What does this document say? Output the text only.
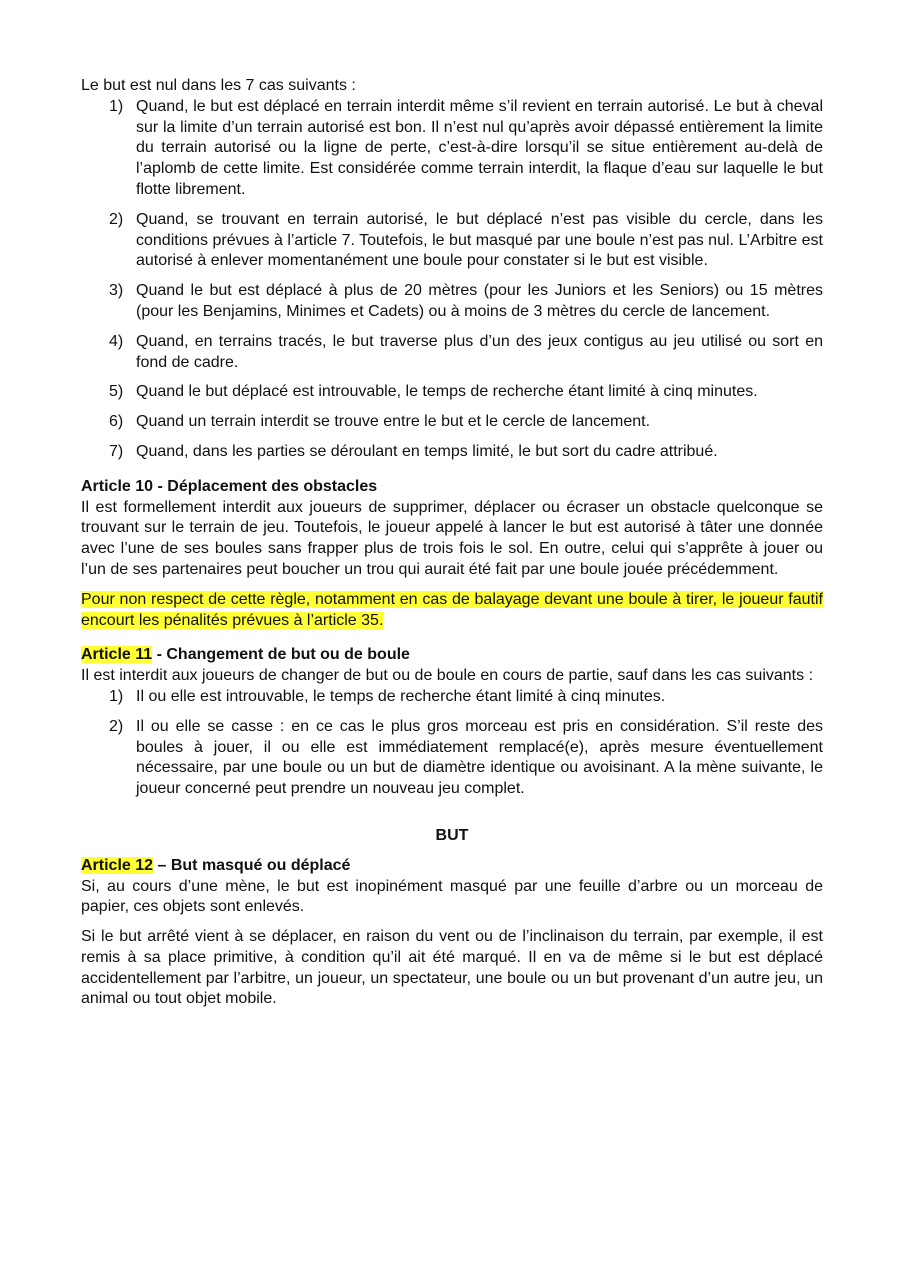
Le but est nul dans les 7 cas suivants :

1) Quand, le but est déplacé en terrain interdit même s’il revient en terrain autorisé. Le but à cheval sur la limite d’un terrain autorisé est bon. Il n’est nul qu’après avoir dépassé entièrement la limite du terrain autorisé ou la ligne de perte, c’est-à-dire lorsqu’il se situe entièrement au-delà de l’aplomb de cette limite. Est considérée comme terrain interdit, la flaque d’eau sur laquelle le but flotte librement.
2) Quand, se trouvant en terrain autorisé, le but déplacé n’est pas visible du cercle, dans les conditions prévues à l’article 7. Toutefois, le but masqué par une boule n’est pas nul. L’Arbitre est autorisé à enlever momentanément une boule pour constater si le but est visible.
3) Quand le but est déplacé à plus de 20 mètres (pour les Juniors et les Seniors) ou 15 mètres (pour les Benjamins, Minimes et Cadets) ou à moins de 3 mètres du cercle de lancement.
4) Quand, en terrains tracés, le but traverse plus d’un des jeux contigus au jeu utilisé ou sort en fond de cadre.
5) Quand le but déplacé est introuvable, le temps de recherche étant limité à cinq minutes.
6) Quand un terrain interdit se trouve entre le but et le cercle de lancement.
7) Quand, dans les parties se déroulant en temps limité, le but sort du cadre attribué.
Article 10 - Déplacement des obstacles

Il est formellement interdit aux joueurs de supprimer, déplacer ou écraser un obstacle quelconque se trouvant sur le terrain de jeu. Toutefois, le joueur appelé à lancer le but est autorisé à tâter une donnée avec l’une de ses boules sans frapper plus de trois fois le sol. En outre, celui qui s’apprête à jouer ou l’un de ses partenaires peut boucher un trou qui aurait été fait par une boule jouée précédemment.

Pour non respect de cette règle, notamment en cas de balayage devant une boule à tirer, le joueur fautif encourt les pénalités prévues à l’article 35.

Article 11 - Changement de but ou de boule

Il est interdit aux joueurs de changer de but ou de boule en cours de partie, sauf dans les cas suivants :

1) Il ou elle est introuvable, le temps de recherche étant limité à cinq minutes.
2) Il ou elle se casse : en ce cas le plus gros morceau est pris en considération. S’il reste des boules à jouer, il ou elle est immédiatement remplacé(e), après mesure éventuellement nécessaire, par une boule ou un but de diamètre identique ou avoisinant. A la mène suivante, le joueur concerné peut prendre un nouveau jeu complet.

BUT

Article 12 – But masqué ou déplacé

Si, au cours d’une mène, le but est inopinément masqué par une feuille d’arbre ou un morceau de papier, ces objets sont enlevés.

Si le but arrêté vient à se déplacer, en raison du vent ou de l’inclinaison du terrain, par exemple, il est remis à sa place primitive, à condition qu’il ait été marqué. Il en va de même si le but est déplacé accidentellement par l’arbitre, un joueur, un spectateur, une boule ou un but provenant d’un autre jeu, un animal ou tout objet mobile.
